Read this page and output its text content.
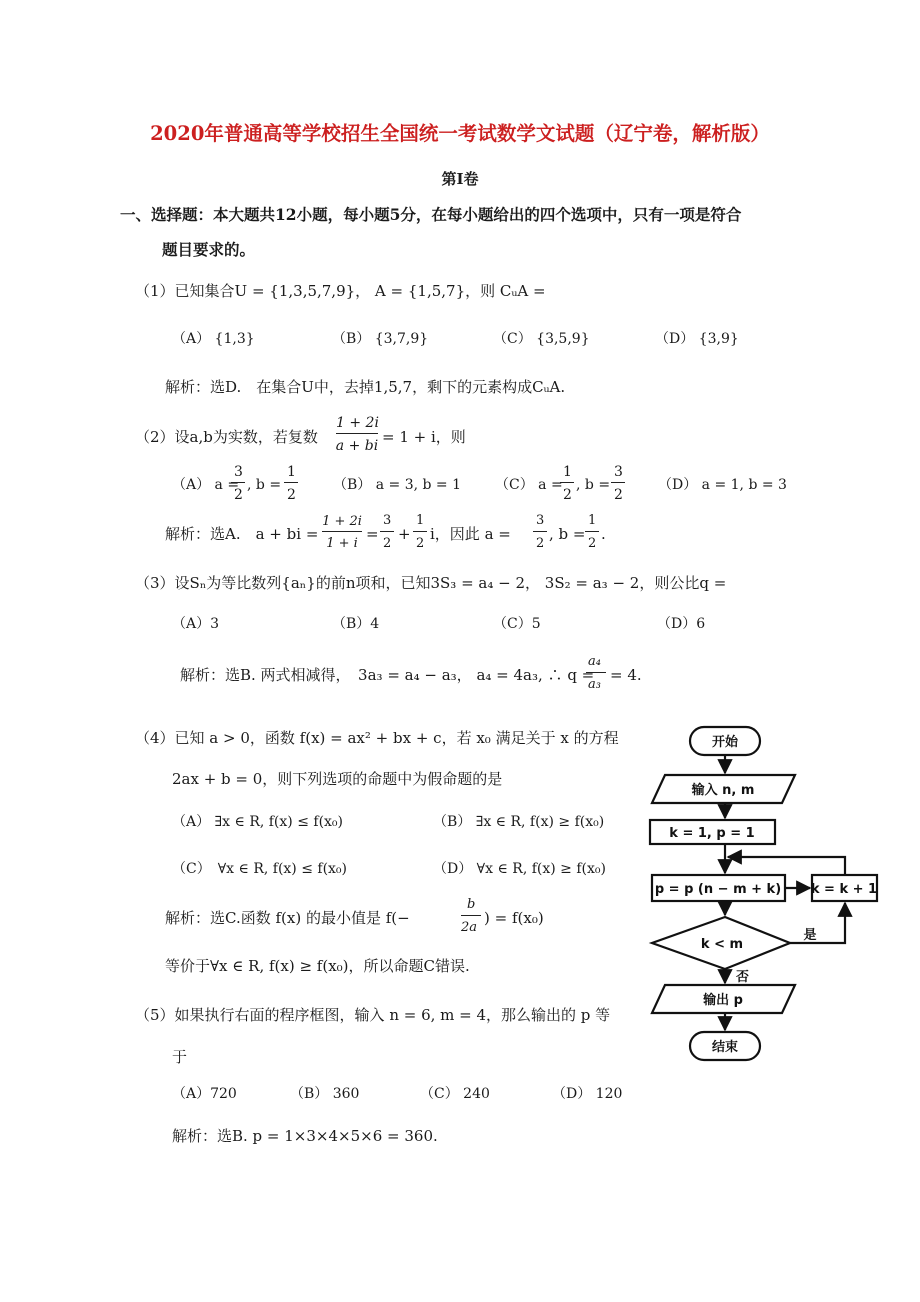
2020年普通高等学校招生全国统一考试数学文试题（辽宁卷，解析版）
第I卷
一、选择题：本大题共12小题，每小题5分，在每小题给出的四个选项中，只有一项是符合
题目要求的。
（1）已知集合U = {1,3,5,7,9}， A = {1,5,7}，则 CᵤA =
（A） {1,3}	（B） {3,7,9}	（C） {3,5,9}	（D） {3,9}
解析：选D.　在集合U中，去掉1,5,7，剩下的元素构成CᵤA.
（2）设a,b为实数，若复数
1 + 2i
a + bi = 1 + i，则
（A） a =
3
2
, b =
1
2
（B） a = 3, b = 1 （C） a =
1
2
, b =
3
2
（D） a = 1, b = 3
解析：选A.　a + bi =
1 + 2i
1 + i
=
3
2
+
1
2
i，因此 a =
3
2
, b =
1
2
.
（3）设Sₙ为等比数列{aₙ}的前n项和，已知3S₃ = a₄ − 2， 3S₂ = a₃ − 2，则公比q =
（A）3	（B）4	（C）5	（D）6
解析：选B. 两式相减得，　3a₃ = a₄ − a₃， a₄ = 4a₃, ∴ q =
a₄
a₃
= 4.
（4）已知 a > 0，函数 f(x) = ax² + bx + c，若 x₀ 满足关于 x 的方程
2ax + b = 0，则下列选项的命题中为假命题的是
（A） ∃x ∈ R, f(x) ≤ f(x₀)	（B） ∃x ∈ R, f(x) ≥ f(x₀)
（C）　∀x ∈ R, f(x) ≤ f(x₀)	（D） ∀x ∈ R, f(x) ≥ f(x₀)
解析：选C.函数 f(x) 的最小值是 f(−
b
2a
) = f(x₀)
等价于∀x ∈ R, f(x) ≥ f(x₀)，所以命题C错误.
（5）如果执行右面的程序框图，输入 n = 6, m = 4，那么输出的 p 等
于
（A）720	（B） 360	（C） 240	（D） 120
解析：选B. p = 1×3×4×5×6 = 360.
开始
输入 n, m
k = 1, p = 1
p = p (n − m + k) k = k + 1
k < m
是
否
输出 p
结束
